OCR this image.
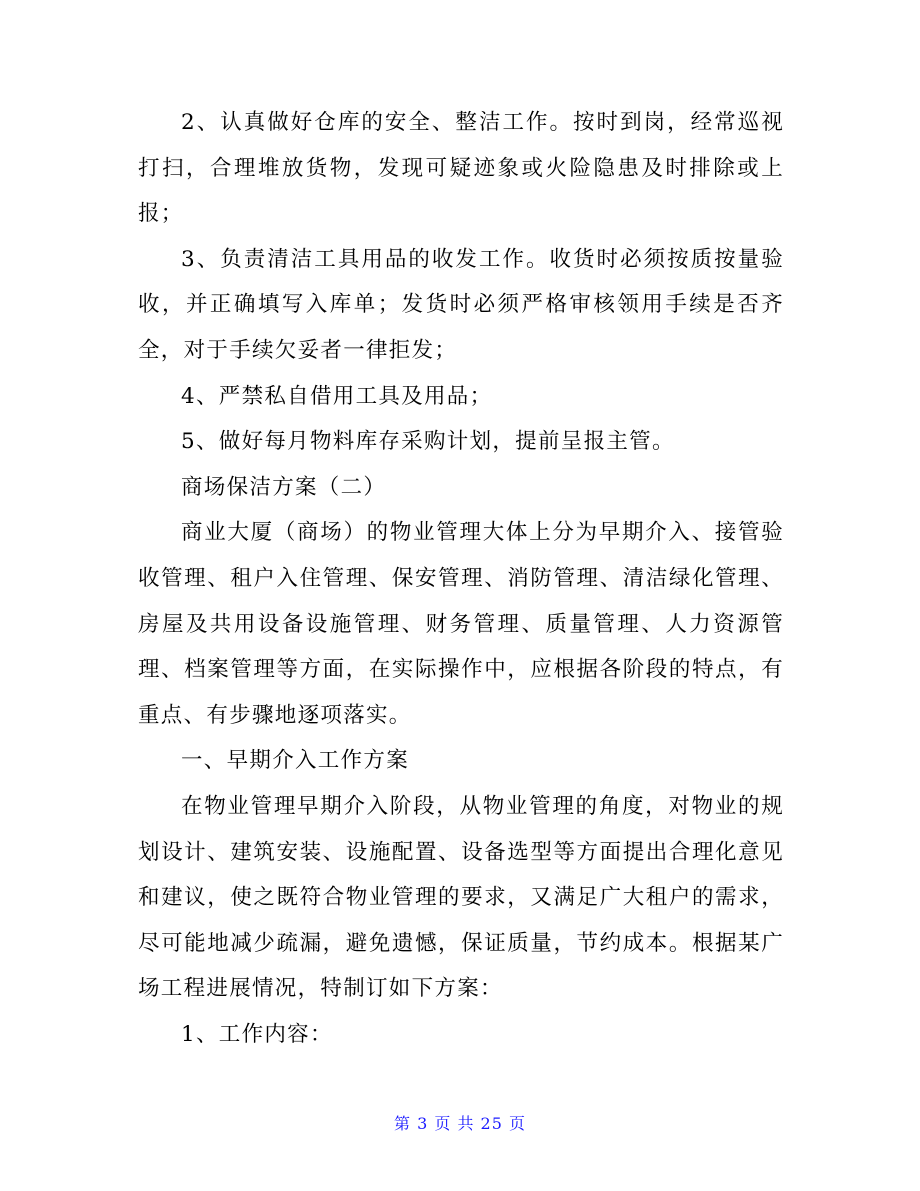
2、认真做好仓库的安全、整洁工作。按时到岗，经常巡视打扫，合理堆放货物，发现可疑迹象或火险隐患及时排除或上报；

3、负责清洁工具用品的收发工作。收货时必须按质按量验收，并正确填写入库单；发货时必须严格审核领用手续是否齐全，对于手续欠妥者一律拒发；

4、严禁私自借用工具及用品；

5、做好每月物料库存采购计划，提前呈报主管。

商场保洁方案（二）

商业大厦（商场）的物业管理大体上分为早期介入、接管验收管理、租户入住管理、保安管理、消防管理、清洁绿化管理、房屋及共用设备设施管理、财务管理、质量管理、人力资源管理、档案管理等方面，在实际操作中，应根据各阶段的特点，有重点、有步骤地逐项落实。

一、早期介入工作方案

在物业管理早期介入阶段，从物业管理的角度，对物业的规划设计、建筑安装、设施配置、设备选型等方面提出合理化意见和建议，使之既符合物业管理的要求，又满足广大租户的需求，尽可能地减少疏漏，避免遗憾，保证质量，节约成本。根据某广场工程进展情况，特制订如下方案：

1、工作内容：

第 3 页 共 25 页
